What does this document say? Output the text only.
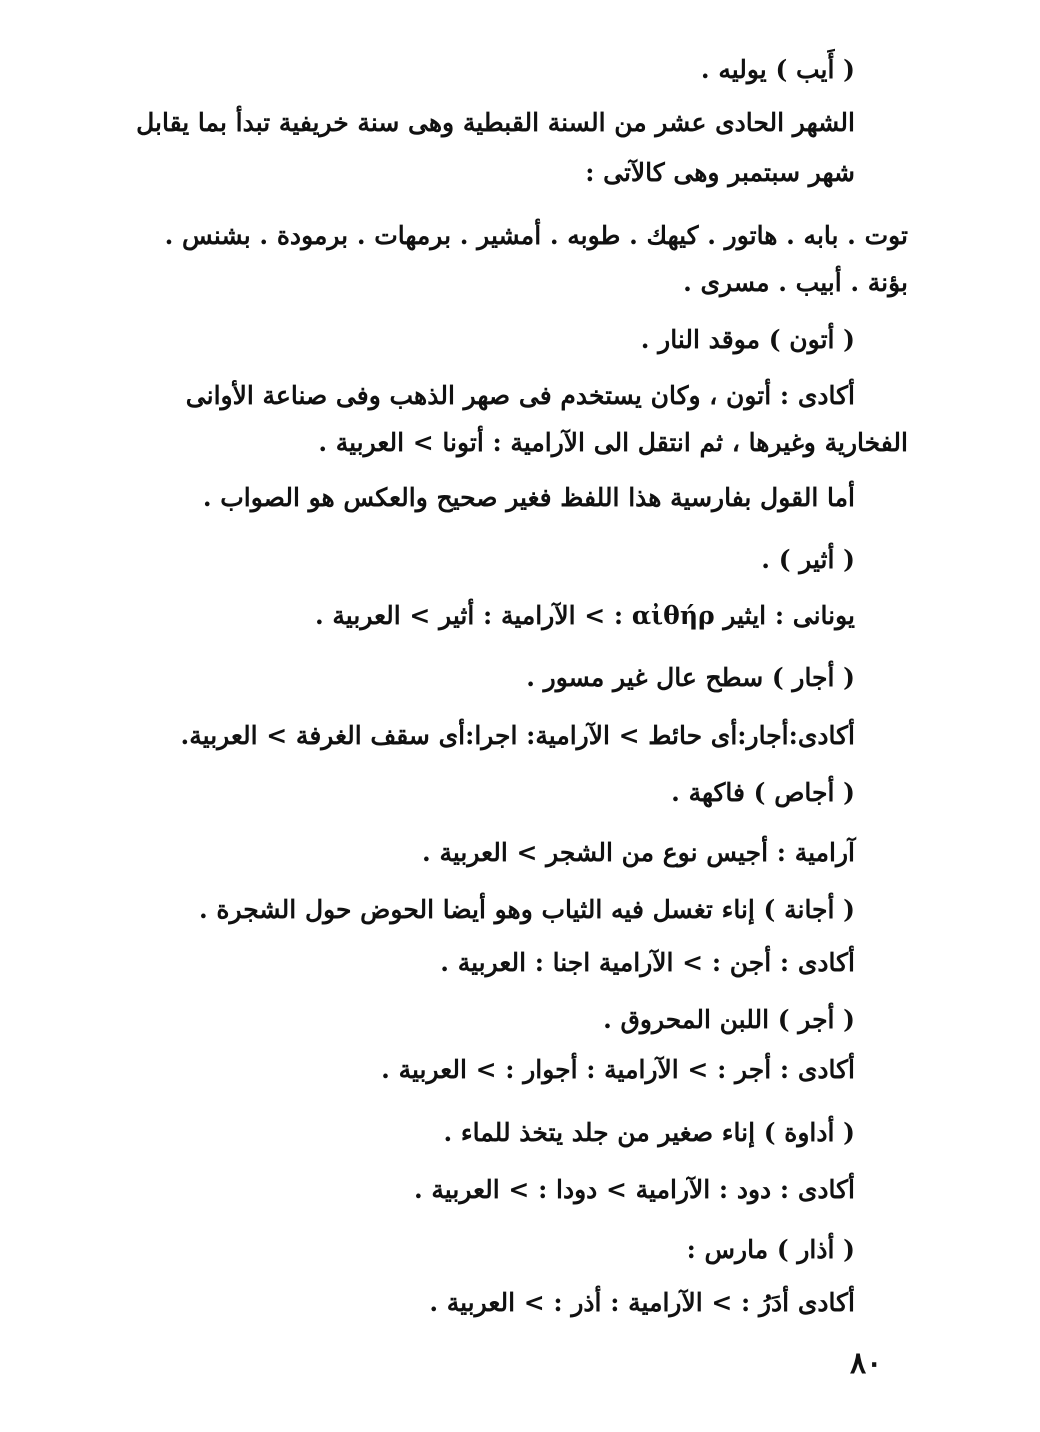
( أَيب ) يوليه .
الشهر الحادى عشر من السنة القبطية وهى سنة خريفية تبدأ بما يقابل
شهر سبتمبر وهى كالآتى :
توت . بابه . هاتور . كيهك . طوبه . أمشير . برمهات . برمودة . بشنس .
بؤنة . أبيب . مسرى .
( أتون ) موقد النار .
أكادى : أتون ، وكان يستخدم فى صهر الذهب وفى صناعة الأوانى
الفخارية وغيرها ، ثم انتقل الى الآرامية : أتونا > العربية .
أما القول بفارسية هذا اللفظ فغير صحيح والعكس هو الصواب .
( أثير ) .
يونانى : ايثير αἰθήρ : > الآرامية : أثير > العربية .
( أجار ) سطح عال غير مسور .
أكادى:أجار:أى حائط > الآرامية: اجرا:أى سقف الغرفة > العربية.
( أجاص ) فاكهة .
آرامية : أجيس نوع من الشجر > العربية .
( أجانة ) إناء تغسل فيه الثياب وهو أيضا الحوض حول الشجرة .
أكادى : أجن : > الآرامية اجنا : العربية .
( أجر ) اللبن المحروق .
أكادى : أجر : > الآرامية : أجوار : > العربية .
( أداوة ) إناء صغير من جلد يتخذ للماء .
أكادى : دود : الآرامية > دودا : > العربية .
( أذار ) مارس :
أكادى أدَرُ : > الآرامية : أذر : > العربية .
٨٠
